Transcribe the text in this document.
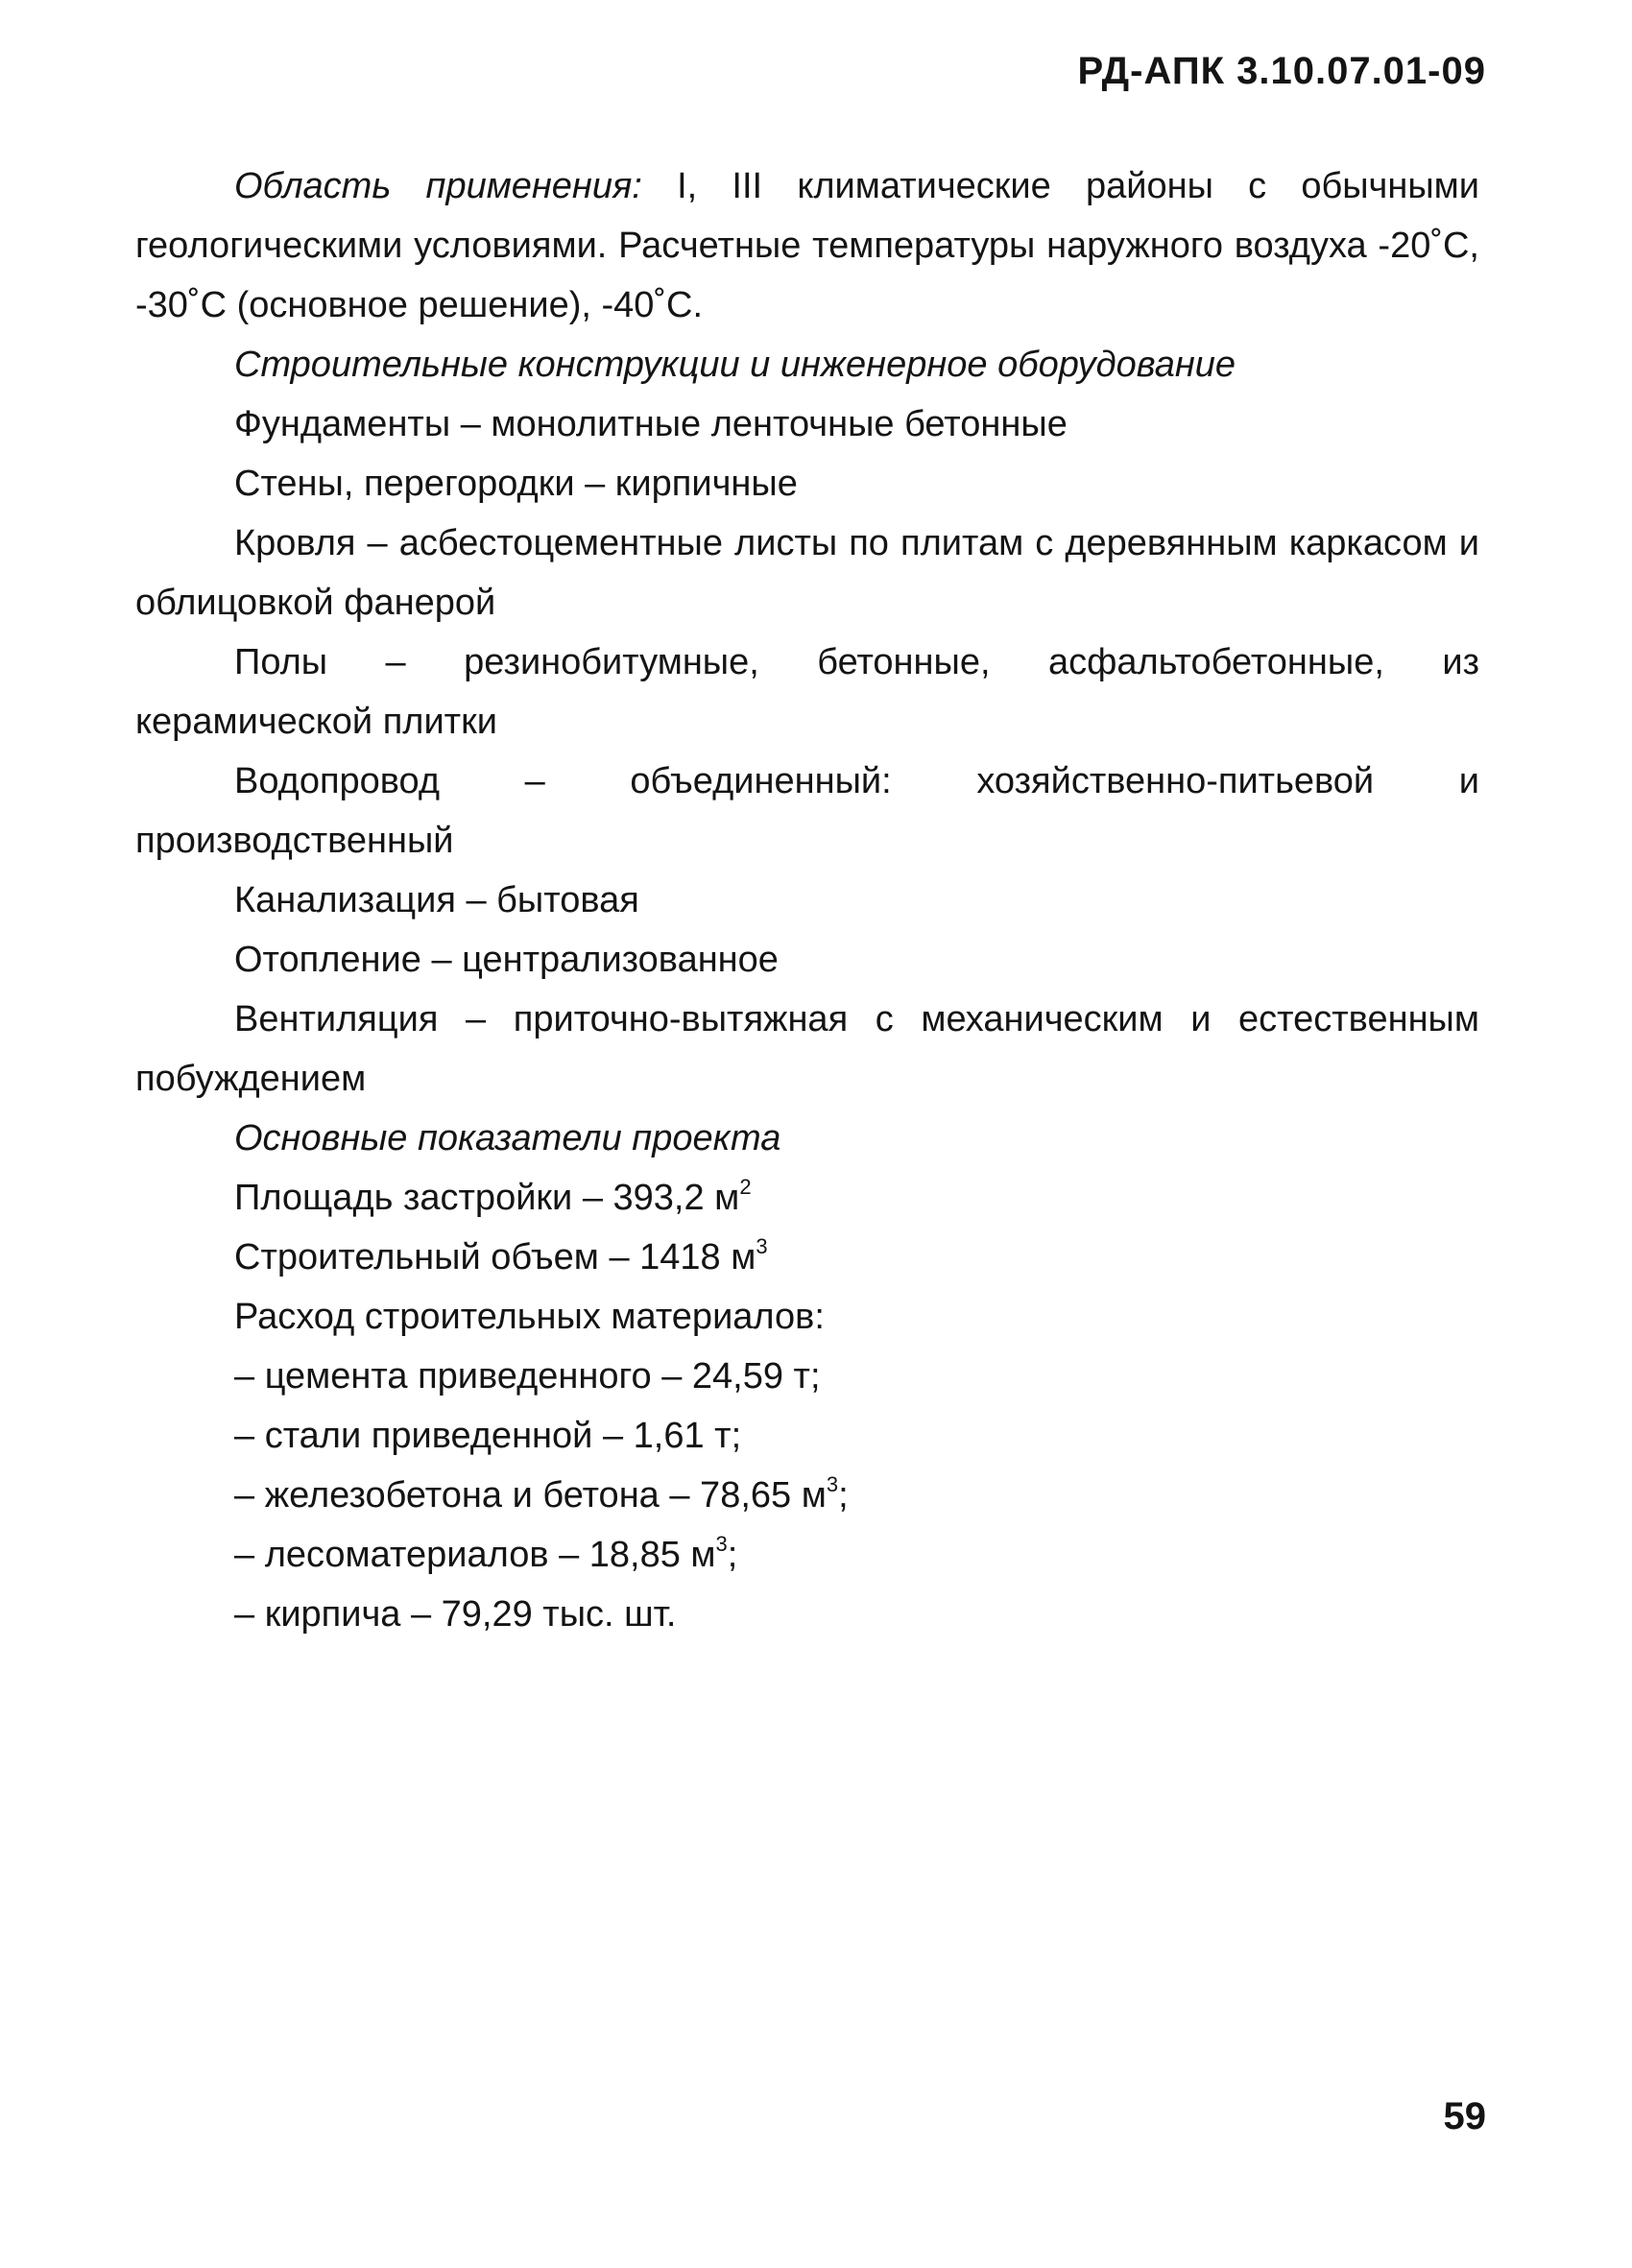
РД-АПК 3.10.07.01-09

Область применения: I, III климатические районы с обычными геологическими условиями. Расчетные температуры наружного воздуха -20˚С, -30˚С (основное решение), -40˚С.

Строительные конструкции и инженерное оборудование

Фундаменты – монолитные ленточные бетонные

Стены, перегородки – кирпичные

Кровля – асбестоцементные листы по плитам с деревянным каркасом и облицовкой фанерой

Полы – резинобитумные, бетонные, асфальтобетонные, из керамической плитки

Водопровод – объединенный: хозяйственно-питьевой и производственный

Канализация – бытовая

Отопление – централизованное

Вентиляция – приточно-вытяжная с механическим и естественным побуждением

Основные показатели проекта

Площадь застройки – 393,2 $м^2$

Строительный объем – 1418 $м^3$

Расход строительных материалов:

– цемента приведенного – 24,59 т;

– стали приведенной – 1,61 т;

– железобетона и бетона – 78,65 $м^3$;

– лесоматериалов – 18,85 $м^3$;

– кирпича – 79,29 тыс. шт.

59
